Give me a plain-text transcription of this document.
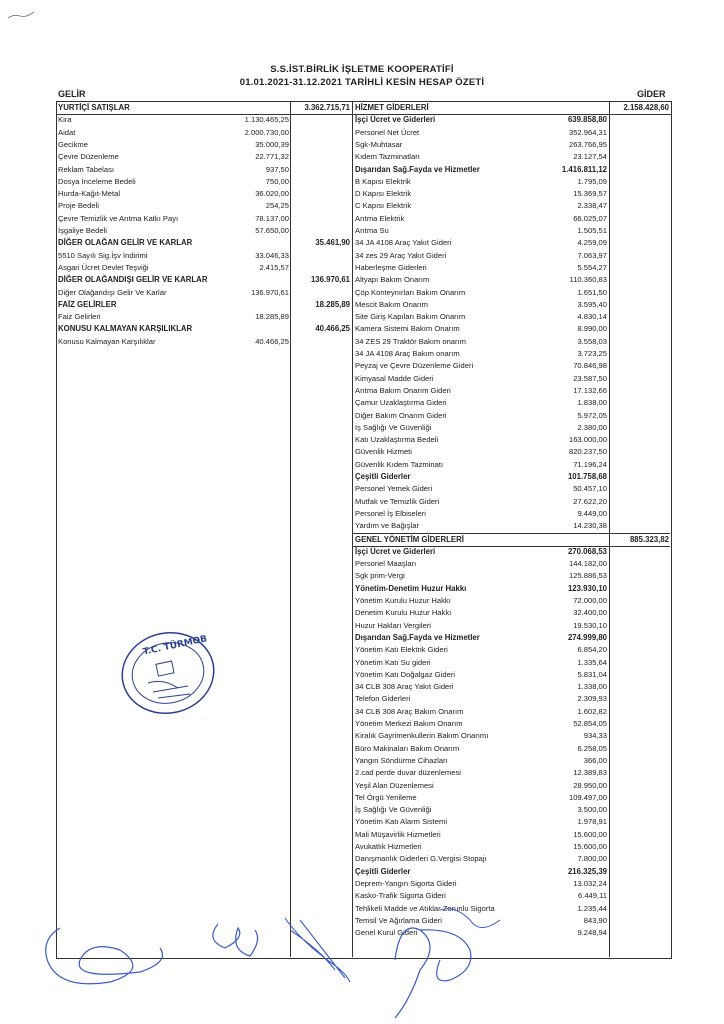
S.S.İST.BİRLİK İŞLETME KOOPERATİFİ
01.01.2021-31.12.2021 TARİHLİ KESİN HESAP ÖZETİ
GELİR	GİDER
YURTİÇİ SATIŞLAR	3.362.715,71
Kira	1.130.465,25
Aidat	2.000.730,00
Gecikme	35.000,39
Çevre Düzenleme	22.771,32
Reklam Tabelası	937,50
Dosya İnceleme Bedeli	750,00
Hurda-Kağıt-Metal	36.020,00
Proje Bedeli	254,25
Çevre Temizlik ve Arıtma Katkı Payı	78.137,00
İşgaliye Bedeli	57.650,00
DİĞER OLAĞAN GELİR VE KARLAR	35.461,90
5510 Sayılı Sig.İşv İndirimi	33.046,33
Asgari Ücret Devlet Teşviği	2.415,57
DİĞER OLAĞANDIŞI GELİR VE KARLAR	136.970,61
Diğer Olağandışı Gelir Ve Karlar	136.970,61
FAİZ GELİRLER	18.285,89
Faiz Gelirleri	18.285,89
KONUSU KALMAYAN KARŞILIKLAR	40.466,25
Konusu Kalmayan Karşılıklar	40.466,25
HİZMET GİDERLERİ	2.158.428,60
İşçi Ücret ve Giderleri	639.858,80
Personel Net Ücret	352.964,31
Sgk-Muhtasar	263.766,95
Kıdem Tazminatları	23.127,54
Dışarıdan Sağ.Fayda ve Hizmetler	1.416.811,12
B Kapısı Elektrik	1.795,09
D Kapısı Elektrik	15.369,57
C Kapısı Elektrik	2.338,47
Arıtma Elektrik	66.025,07
Arıtma Su	1.505,51
34 JA 4108 Araç Yakıt Gideri	4.259,09
34 zes 29 Araç Yakıt Gideri	7.063,97
Haberleşme Giderleri	5.554,27
Altyapı Bakım Onarım	110.360,83
Çöp Konteynırları Bakım Onarım	1.651,50
Mescit Bakım Onarım	3.595,40
Site Giriş Kapıları Bakım Onarım	4.830,14
Kamera Sistemi Bakım Onarım	8.990,00
34 ZES 29 Traktör Bakım onarım	3.558,03
34 JA 4108 Araç Bakım onarım	3.723,25
Peyzaj ve Çevre Düzenleme Gideri	70.846,98
Kimyasal Madde Gideri	23.587,50
Arıtma Bakım Onarım Gideri	17.132,66
Çamur Uzaklaştırma Gideri	1.838,00
Diğer Bakım Onarım Gideri	5.972,05
İş Sağlığı Ve Güvenliği	2.380,00
Katı Uzaklaştırma Bedeli	163.000,00
Güvenlik Hizmeti	820.237,50
Güvenlik Kıdem Tazminatı	71.196,24
Çeşitli Giderler	101.758,68
Personel Yemek Gideri	50.457,10
Mutfak ve Temizlik Gideri	27.622,20
Personel İş Elbiseleri	9.449,00
Yardım ve Bağışlar	14.230,38
GENEL YÖNETİM GİDERLERİ	885.323,82
İşçi Ücret ve Giderleri	270.068,53
Personel Maaşları	144.182,00
Sgk prim-Vergi	125.886,53
Yönetim-Denetim Huzur Hakkı	123.930,10
Yönetim Kurulu Huzur Hakkı	72.000,00
Denetim Kurulu Huzur Hakkı	32.400,00
Huzur Hakları Vergileri	19.530,10
Dışarıdan Sağ.Fayda ve Hizmetler	274.999,80
Yönetim Katı Elektrik Gideri	6.854,20
Yönetim Katı Su gideri	1.335,64
Yönetim Katı Doğalgaz Gideri	5.831,04
34 CLB 308 Araç Yakıt Gideri	1.338,00
Telefon Giderleri	2.309,93
34 CLB 308 Araç Bakım Onarım	1.602,82
Yönetim Merkezi Bakım Onarım	52.854,05
Kiralık Gayrimenkullerin Bakım Onarımı	934,33
Büro Makinaları Bakım Onarım	6.258,05
Yangın Söndürme Cihazları	366,00
2.cad perde duvar düzenlemesi	12.389,83
Yeşil Alan Düzenlemesi	28.950,00
Tel Örgü Yenileme	109.497,00
İş Sağlığı Ve Güvenliği	3.500,00
Yönetim Katı Alarm Sistemi	1.978,91
Mali Müşavirlik Hizmetleri	15.600,00
Avukatlık Hizmetleri	15.600,00
Danışmanlık Giderleri G.Vergisi Stopajı	7.800,00
Çeşitli Giderler	216.325,39
Deprem-Yangın Sigorta Gideri	13.032,24
Kasko-Trafik Sigorta Gideri	6.449,11
Tehlikeli Madde ve Atıklar Zorunlu Sigorta	1.235,44
Temsil Ve Ağırlama Gideri	843,90
Genel Kurul Gideri	9.248,94
T.C. TÜRMOB
